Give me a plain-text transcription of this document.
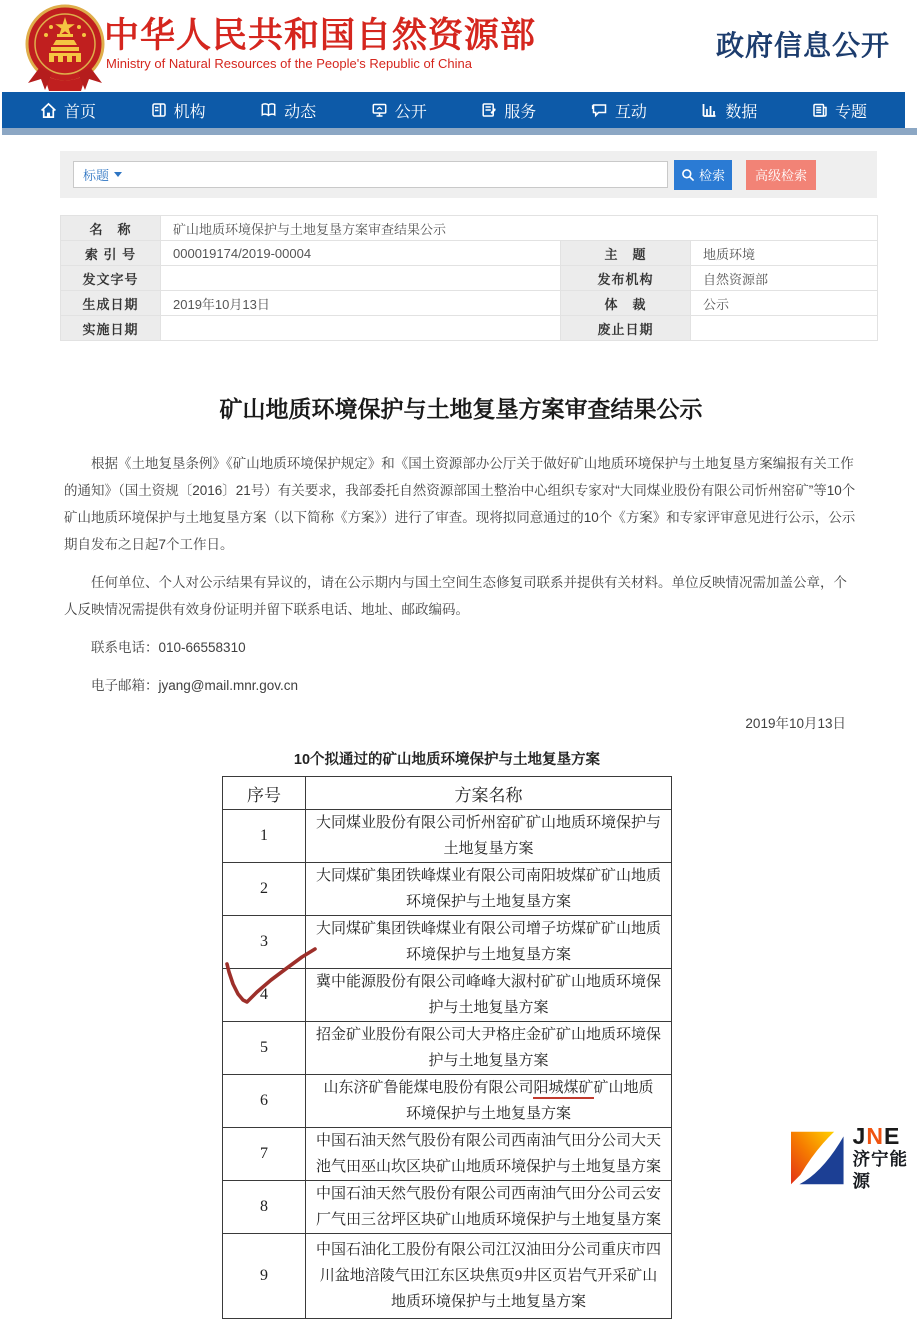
中华人民共和国自然资源部
Ministry of Natural Resources of the People's Republic of China
政府信息公开
首页	机构	动态	公开	服务	互动	数据	专题
标题	检索 高级检索
名　称	矿山地质环境保护与土地复垦方案审查结果公示		
索 引 号	000019174/2019-00004	主　题	地质环境
发文字号		发布机构	自然资源部
生成日期	2019年10月13日	体　裁	公示
实施日期		废止日期	
矿山地质环境保护与土地复垦方案审查结果公示

根据《土地复垦条例》《矿山地质环境保护规定》和《国土资源部办公厅关于做好矿山地质环境保护与土地复垦方案编报有关工作的通知》（国土资规〔2016〕21号）有关要求，我部委托自然资源部国土整治中心组织专家对“大同煤业股份有限公司忻州窑矿”等10个矿山地质环境保护与土地复垦方案（以下简称《方案》）进行了审查。现将拟同意通过的10个《方案》和专家评审意见进行公示，公示期自发布之日起7个工作日。

任何单位、个人对公示结果有异议的，请在公示期内与国土空间生态修复司联系并提供有关材料。单位反映情况需加盖公章，个人反映情况需提供有效身份证明并留下联系电话、地址、邮政编码。

联系电话：010-66558310

电子邮箱：jyang@mail.mnr.gov.cn

2019年10月13日

10个拟通过的矿山地质环境保护与土地复垦方案
序号	方案名称
1	大同煤业股份有限公司忻州窑矿矿山地质环境保护与土地复垦方案
2	大同煤矿集团铁峰煤业有限公司南阳坡煤矿矿山地质环境保护与土地复垦方案
3	大同煤矿集团铁峰煤业有限公司增子坊煤矿矿山地质环境保护与土地复垦方案
4	冀中能源股份有限公司峰峰大淑村矿矿山地质环境保护与土地复垦方案
5	招金矿业股份有限公司大尹格庄金矿矿山地质环境保护与土地复垦方案
6	山东济矿鲁能煤电股份有限公司阳城煤矿矿山地质环境保护与土地复垦方案
7	中国石油天然气股份有限公司西南油气田分公司大天池气田巫山坎区块矿山地质环境保护与土地复垦方案
8	中国石油天然气股份有限公司西南油气田分公司云安厂气田三岔坪区块矿山地质环境保护与土地复垦方案
9	中国石油化工股份有限公司江汉油田分公司重庆市四川盆地涪陵气田江东区块焦页9井区页岩气开采矿山地质环境保护与土地复垦方案
JNE
济宁能源
